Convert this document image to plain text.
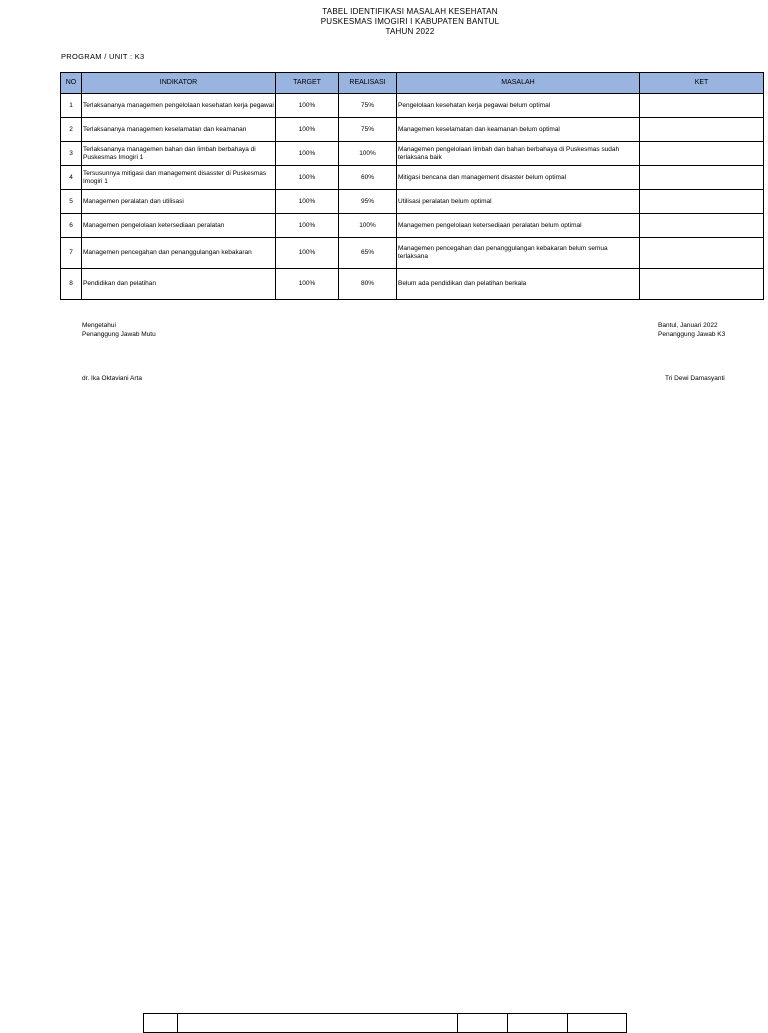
TABEL IDENTIFIKASI MASALAH KESEHATAN
PUSKESMAS IMOGIRI I KABUPATEN BANTUL
TAHUN 2022
PROGRAM / UNIT : K3
NO	INDIKATOR	TARGET	REALISASI	MASALAH	KET
1	Terlaksananya managemen pengelolaan kesehatan kerja pegawai	100%	75%	Pengelolaan kesehatan kerja pegawai belum optimal	
2	Terlaksananya managemen keselamatan dan keamanan	100%	75%	Managemen keselamatan dan keamanan belum optimal	
3	Terlaksananya managemen bahan dan limbah berbahaya di Puskesmas Imogiri 1	100%	100%	Managemen pengelolaan limbah dan bahan berbahaya di Puskesmas sudah terlaksana baik	
4	Tersusunnya mitigasi dan management disasster di Puskesmas Imogiri 1	100%	60%	Mitigasi bencana dan management disaster belum optimal	
5	Managemen peralatan dan utilisasi	100%	95%	Utilisasi peralatan belum optimal	
6	Managemen pengelolaan ketersediaan peralatan	100%	100%	Managemen pengelolaan ketersediaan peralatan belum optimal	
7	Managemen pencegahan dan penanggulangan kebakaran	100%	65%	Managemen pencegahan dan penanggulangan kebakaran belum semua terlaksana	
8	Pendidikan dan pelatihan	100%	80%	Belum ada pendidikan dan pelatihan berkala	
Mengetahui
Penanggung Jawab Mutu
Bantul, Januari 2022
Penanggung Jawab K3
dr. Ika Oktaviani Arta	Tri Dewi Damasyanti
